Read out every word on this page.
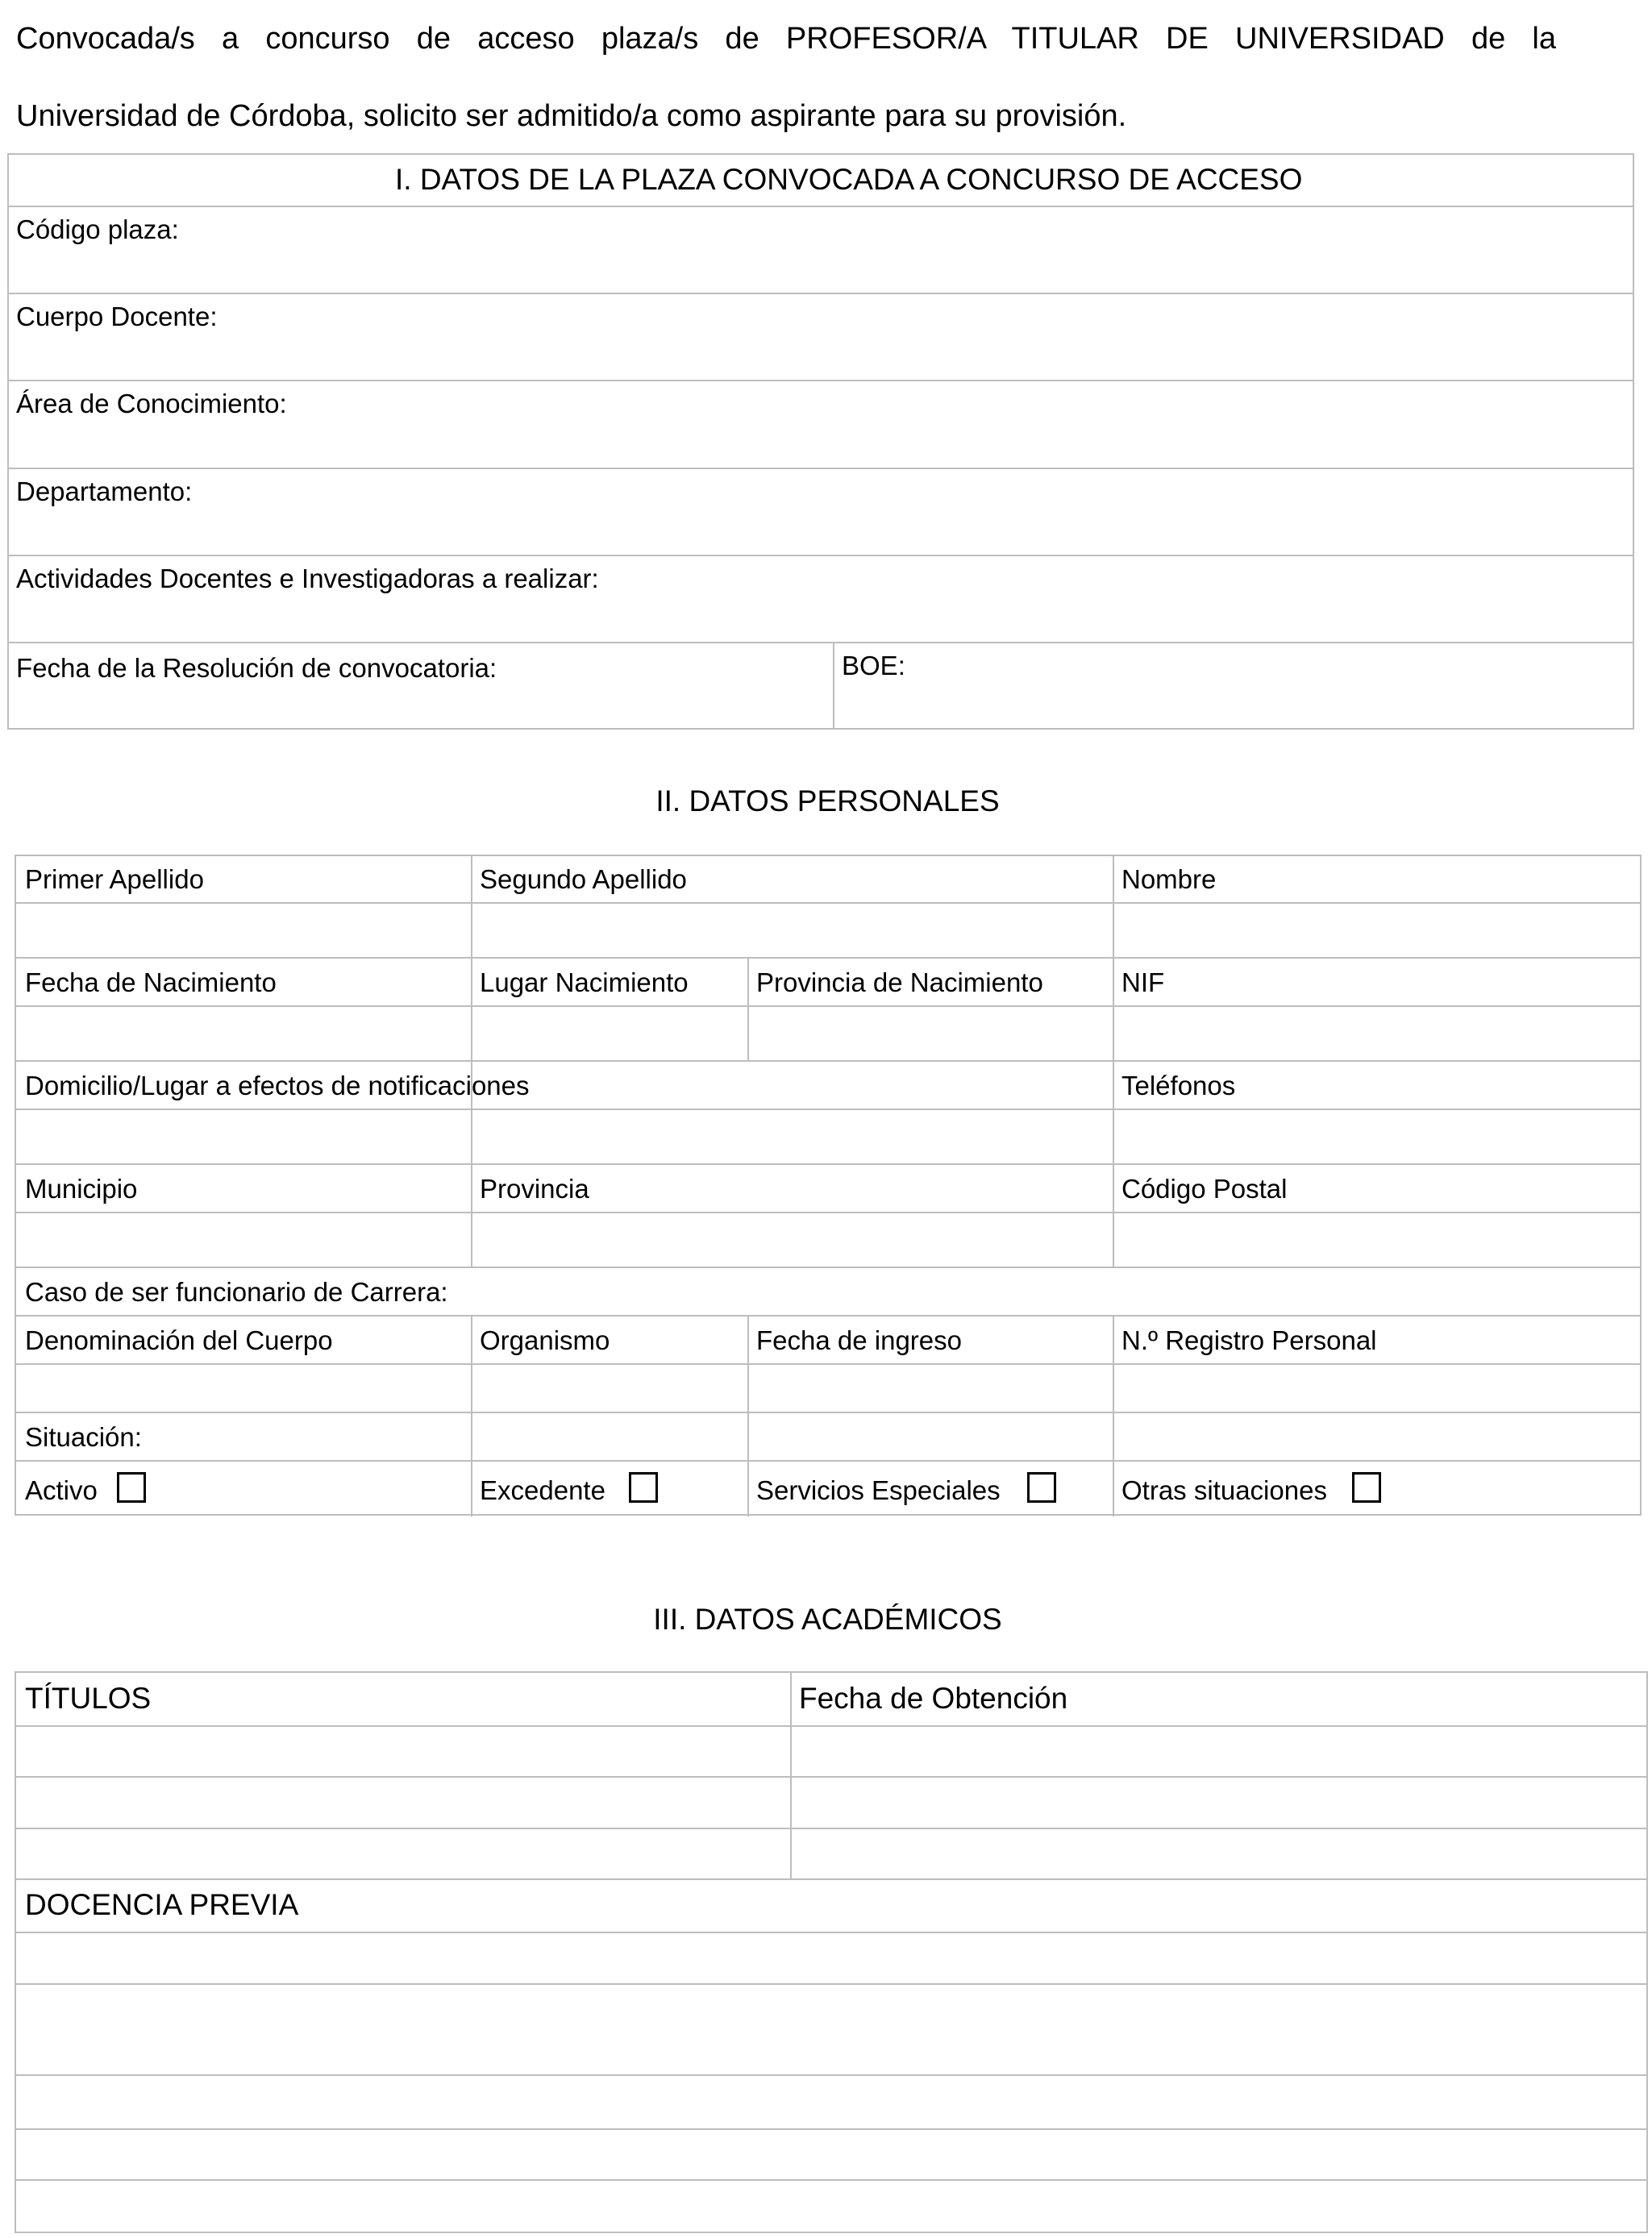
Convocada/s a concurso de acceso plaza/s de PROFESOR/A TITULAR DE UNIVERSIDAD de la
Universidad de Córdoba, solicito ser admitido/a como aspirante para su provisión.
I. DATOS DE LA PLAZA CONVOCADA A CONCURSO DE ACCESO
Código plaza:
Cuerpo Docente:
Área de Conocimiento:
Departamento:
Actividades Docentes e Investigadoras a realizar:
Fecha de la Resolución de convocatoria:	BOE:
II. DATOS PERSONALES
Primer Apellido	Segundo Apellido	Nombre
Fecha de Nacimiento	Lugar Nacimiento	Provincia de Nacimiento	NIF
Domicilio/Lugar a efectos de notificaciones	Teléfonos
Municipio	Provincia	Código Postal
Caso de ser funcionario de Carrera:
Denominación del Cuerpo	Organismo	Fecha de ingreso	N.º Registro Personal
Situación:
Activo	Excedente	Servicios Especiales	Otras situaciones
III. DATOS ACADÉMICOS
TÍTULOS	Fecha de Obtención
DOCENCIA PREVIA
